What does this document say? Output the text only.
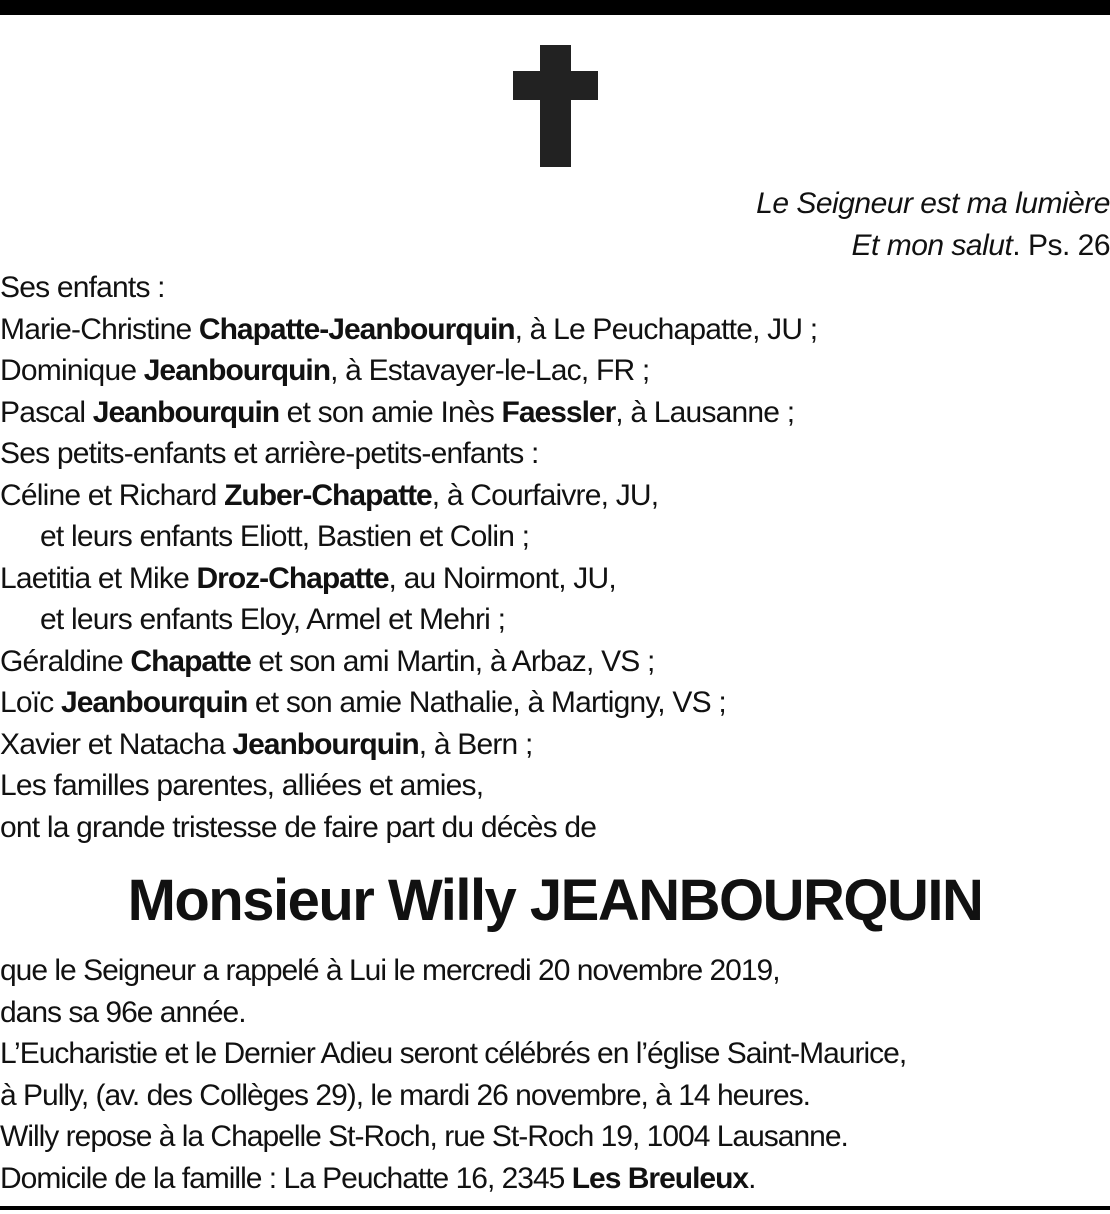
Le Seigneur est ma lumière
Et mon salut. Ps. 26
Ses enfants :
Marie-Christine Chapatte-Jeanbourquin, à Le Peuchapatte, JU ;
Dominique Jeanbourquin, à Estavayer-le-Lac, FR ;
Pascal Jeanbourquin et son amie Inès Faessler, à Lausanne ;
Ses petits-enfants et arrière-petits-enfants :
Céline et Richard Zuber-Chapatte, à Courfaivre, JU,
et leurs enfants Eliott, Bastien et Colin ;
Laetitia et Mike Droz-Chapatte, au Noirmont, JU,
et leurs enfants Eloy, Armel et Mehri ;
Géraldine Chapatte et son ami Martin, à Arbaz, VS ;
Loïc Jeanbourquin et son amie Nathalie, à Martigny, VS ;
Xavier et Natacha Jeanbourquin, à Bern ;
Les familles parentes, alliées et amies,
ont la grande tristesse de faire part du décès de
Monsieur Willy JEANBOURQUIN
que le Seigneur a rappelé à Lui le mercredi 20 novembre 2019,
dans sa 96e année.
L’Eucharistie et le Dernier Adieu seront célébrés en l’église Saint-Maurice,
à Pully, (av. des Collèges 29), le mardi 26 novembre, à 14 heures.
Willy repose à la Chapelle St-Roch, rue St-Roch 19, 1004 Lausanne.
Domicile de la famille : La Peuchatte 16, 2345 Les Breuleux.
